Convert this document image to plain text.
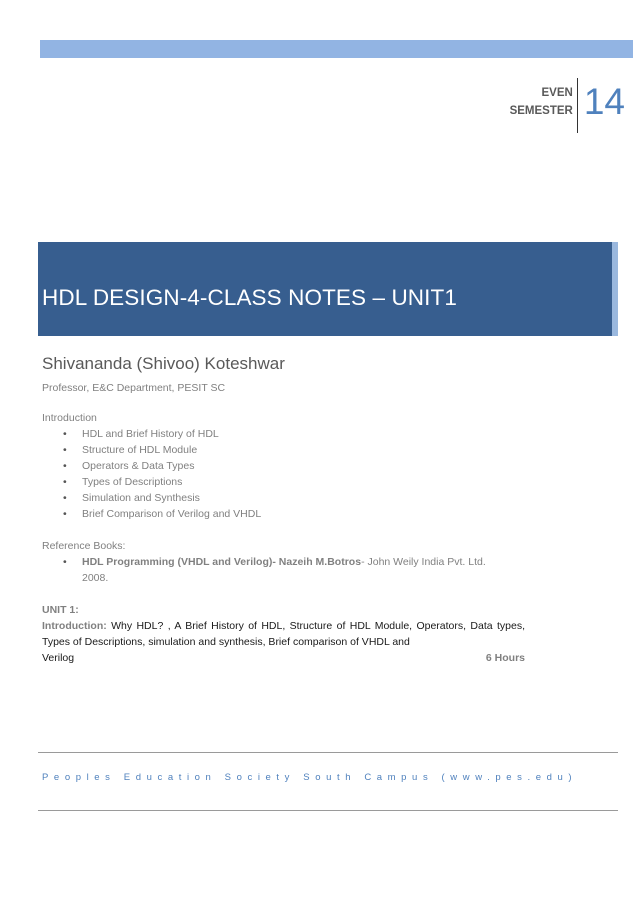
EVEN
SEMESTER 14
HDL DESIGN-4-CLASS NOTES – UNIT1
Shivananda (Shivoo) Koteshwar
Professor, E&C Department, PESIT SC
Introduction
• HDL and Brief History of HDL
• Structure of HDL Module
• Operators & Data Types
• Types of Descriptions
• Simulation and Synthesis
• Brief Comparison of Verilog and VHDL
Reference Books:
• HDL Programming (VHDL and Verilog)- Nazeih M.Botros- John Weily India Pvt. Ltd.
2008.
UNIT 1:
Introduction: Why HDL? , A Brief History of HDL, Structure of HDL Module, Operators, Data types, Types of Descriptions, simulation and synthesis, Brief comparison of VHDL and
Verilog	6 Hours
Peoples Education Society South Campus (www.pes.edu)
